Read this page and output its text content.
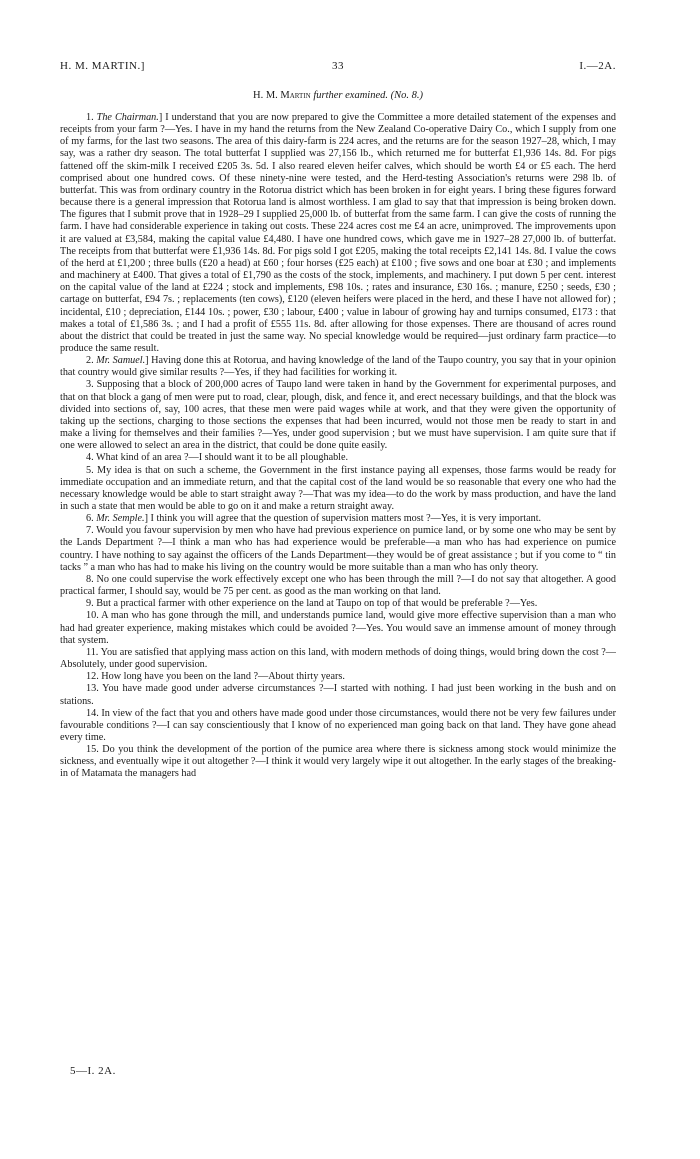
H. M. MARTIN.]	33	I.—2A.
H. M. Martin further examined. (No. 8.)

1. The Chairman.] I understand that you are now prepared to give the Committee a more detailed statement of the expenses and receipts from your farm ?—Yes. I have in my hand the returns from the New Zealand Co-operative Dairy Co., which I supply from one of my farms, for the last two seasons. The area of this dairy-farm is 224 acres, and the returns are for the season 1927–28, which, I may say, was a rather dry season. The total butterfat I supplied was 27,156 lb., which returned me for butterfat £1,936 14s. 8d. For pigs fattened off the skim-milk I received £205 3s. 5d. I also reared eleven heifer calves, which should be worth £4 or £5 each. The herd comprised about one hundred cows. Of these ninety-nine were tested, and the Herd-testing Association's returns were 298 lb. of butterfat. This was from ordinary country in the Rotorua district which has been broken in for eight years. I bring these figures forward because there is a general impression that Rotorua land is almost worthless. I am glad to say that that impression is being broken down. The figures that I submit prove that in 1928–29 I supplied 25,000 lb. of butterfat from the same farm. I can give the costs of running the farm. I have had considerable experience in taking out costs. These 224 acres cost me £4 an acre, unimproved. The improvements upon it are valued at £3,584, making the capital value £4,480. I have one hundred cows, which gave me in 1927–28 27,000 lb. of butterfat. The receipts from that butterfat were £1,936 14s. 8d. For pigs sold I got £205, making the total receipts £2,141 14s. 8d. I value the cows of the herd at £1,200 ; three bulls (£20 a head) at £60 ; four horses (£25 each) at £100 ; five sows and one boar at £30 ; and implements and machinery at £400. That gives a total of £1,790 as the costs of the stock, implements, and machinery. I put down 5 per cent. interest on the capital value of the land at £224 ; stock and implements, £98 10s. ; rates and insurance, £30 16s. ; manure, £250 ; seeds, £30 ; cartage on butterfat, £94 7s. ; replacements (ten cows), £120 (eleven heifers were placed in the herd, and these I have not allowed for) ; incidental, £10 ; depreciation, £144 10s. ; power, £30 ; labour, £400 ; value in labour of growing hay and turnips consumed, £173 : that makes a total of £1,586 3s. ; and I had a profit of £555 11s. 8d. after allowing for those expenses. There are thousand of acres round about the district that could be treated in just the same way. No special knowledge would be required—just ordinary farm practice—to produce the same result.

2. Mr. Samuel.] Having done this at Rotorua, and having knowledge of the land of the Taupo country, you say that in your opinion that country would give similar results ?—Yes, if they had facilities for working it.

3. Supposing that a block of 200,000 acres of Taupo land were taken in hand by the Government for experimental purposes, and that on that block a gang of men were put to road, clear, plough, disk, and fence it, and erect necessary buildings, and that the block was divided into sections of, say, 100 acres, that these men were paid wages while at work, and that they were given the opportunity of taking up the sections, charging to those sections the expenses that had been incurred, would not those men be ready to start in and make a living for themselves and their families ?—Yes, under good supervision ; but we must have supervision. I am quite sure that if one were allowed to select an area in the district, that could be done quite easily.

4. What kind of an area ?—I should want it to be all ploughable.

5. My idea is that on such a scheme, the Government in the first instance paying all expenses, those farms would be ready for immediate occupation and an immediate return, and that the capital cost of the land would be so reasonable that every one who had the necessary knowledge would be able to start straight away ?—That was my idea—to do the work by mass production, and have the land in such a state that men would be able to go on it and make a return straight away.

6. Mr. Semple.] I think you will agree that the question of supervision matters most ?—Yes, it is very important.

7. Would you favour supervision by men who have had previous experience on pumice land, or by some one who may be sent by the Lands Department ?—I think a man who has had experience would be preferable—a man who has had experience on pumice country. I have nothing to say against the officers of the Lands Department—they would be of great assistance ; but if you come to “ tin tacks ” a man who has had to make his living on the country would be more suitable than a man who has only theory.

8. No one could supervise the work effectively except one who has been through the mill ?—I do not say that altogether. A good practical farmer, I should say, would be 75 per cent. as good as the man working on that land.

9. But a practical farmer with other experience on the land at Taupo on top of that would be preferable ?—Yes.

10. A man who has gone through the mill, and understands pumice land, would give more effective supervision than a man who had had greater experience, making mistakes which could be avoided ?—Yes. You would save an immense amount of money through that system.

11. You are satisfied that applying mass action on this land, with modern methods of doing things, would bring down the cost ?—Absolutely, under good supervision.

12. How long have you been on the land ?—About thirty years.

13. You have made good under adverse circumstances ?—I started with nothing. I had just been working in the bush and on stations.

14. In view of the fact that you and others have made good under those circumstances, would there not be very few failures under favourable conditions ?—I can say conscientiously that I know of no experienced man going back on that land. They have gone ahead every time.

15. Do you think the development of the portion of the pumice area where there is sickness among stock would minimize the sickness, and eventually wipe it out altogether ?—I think it would very largely wipe it out altogether. In the early stages of the breaking-in of Matamata the managers had

5—I. 2A.
